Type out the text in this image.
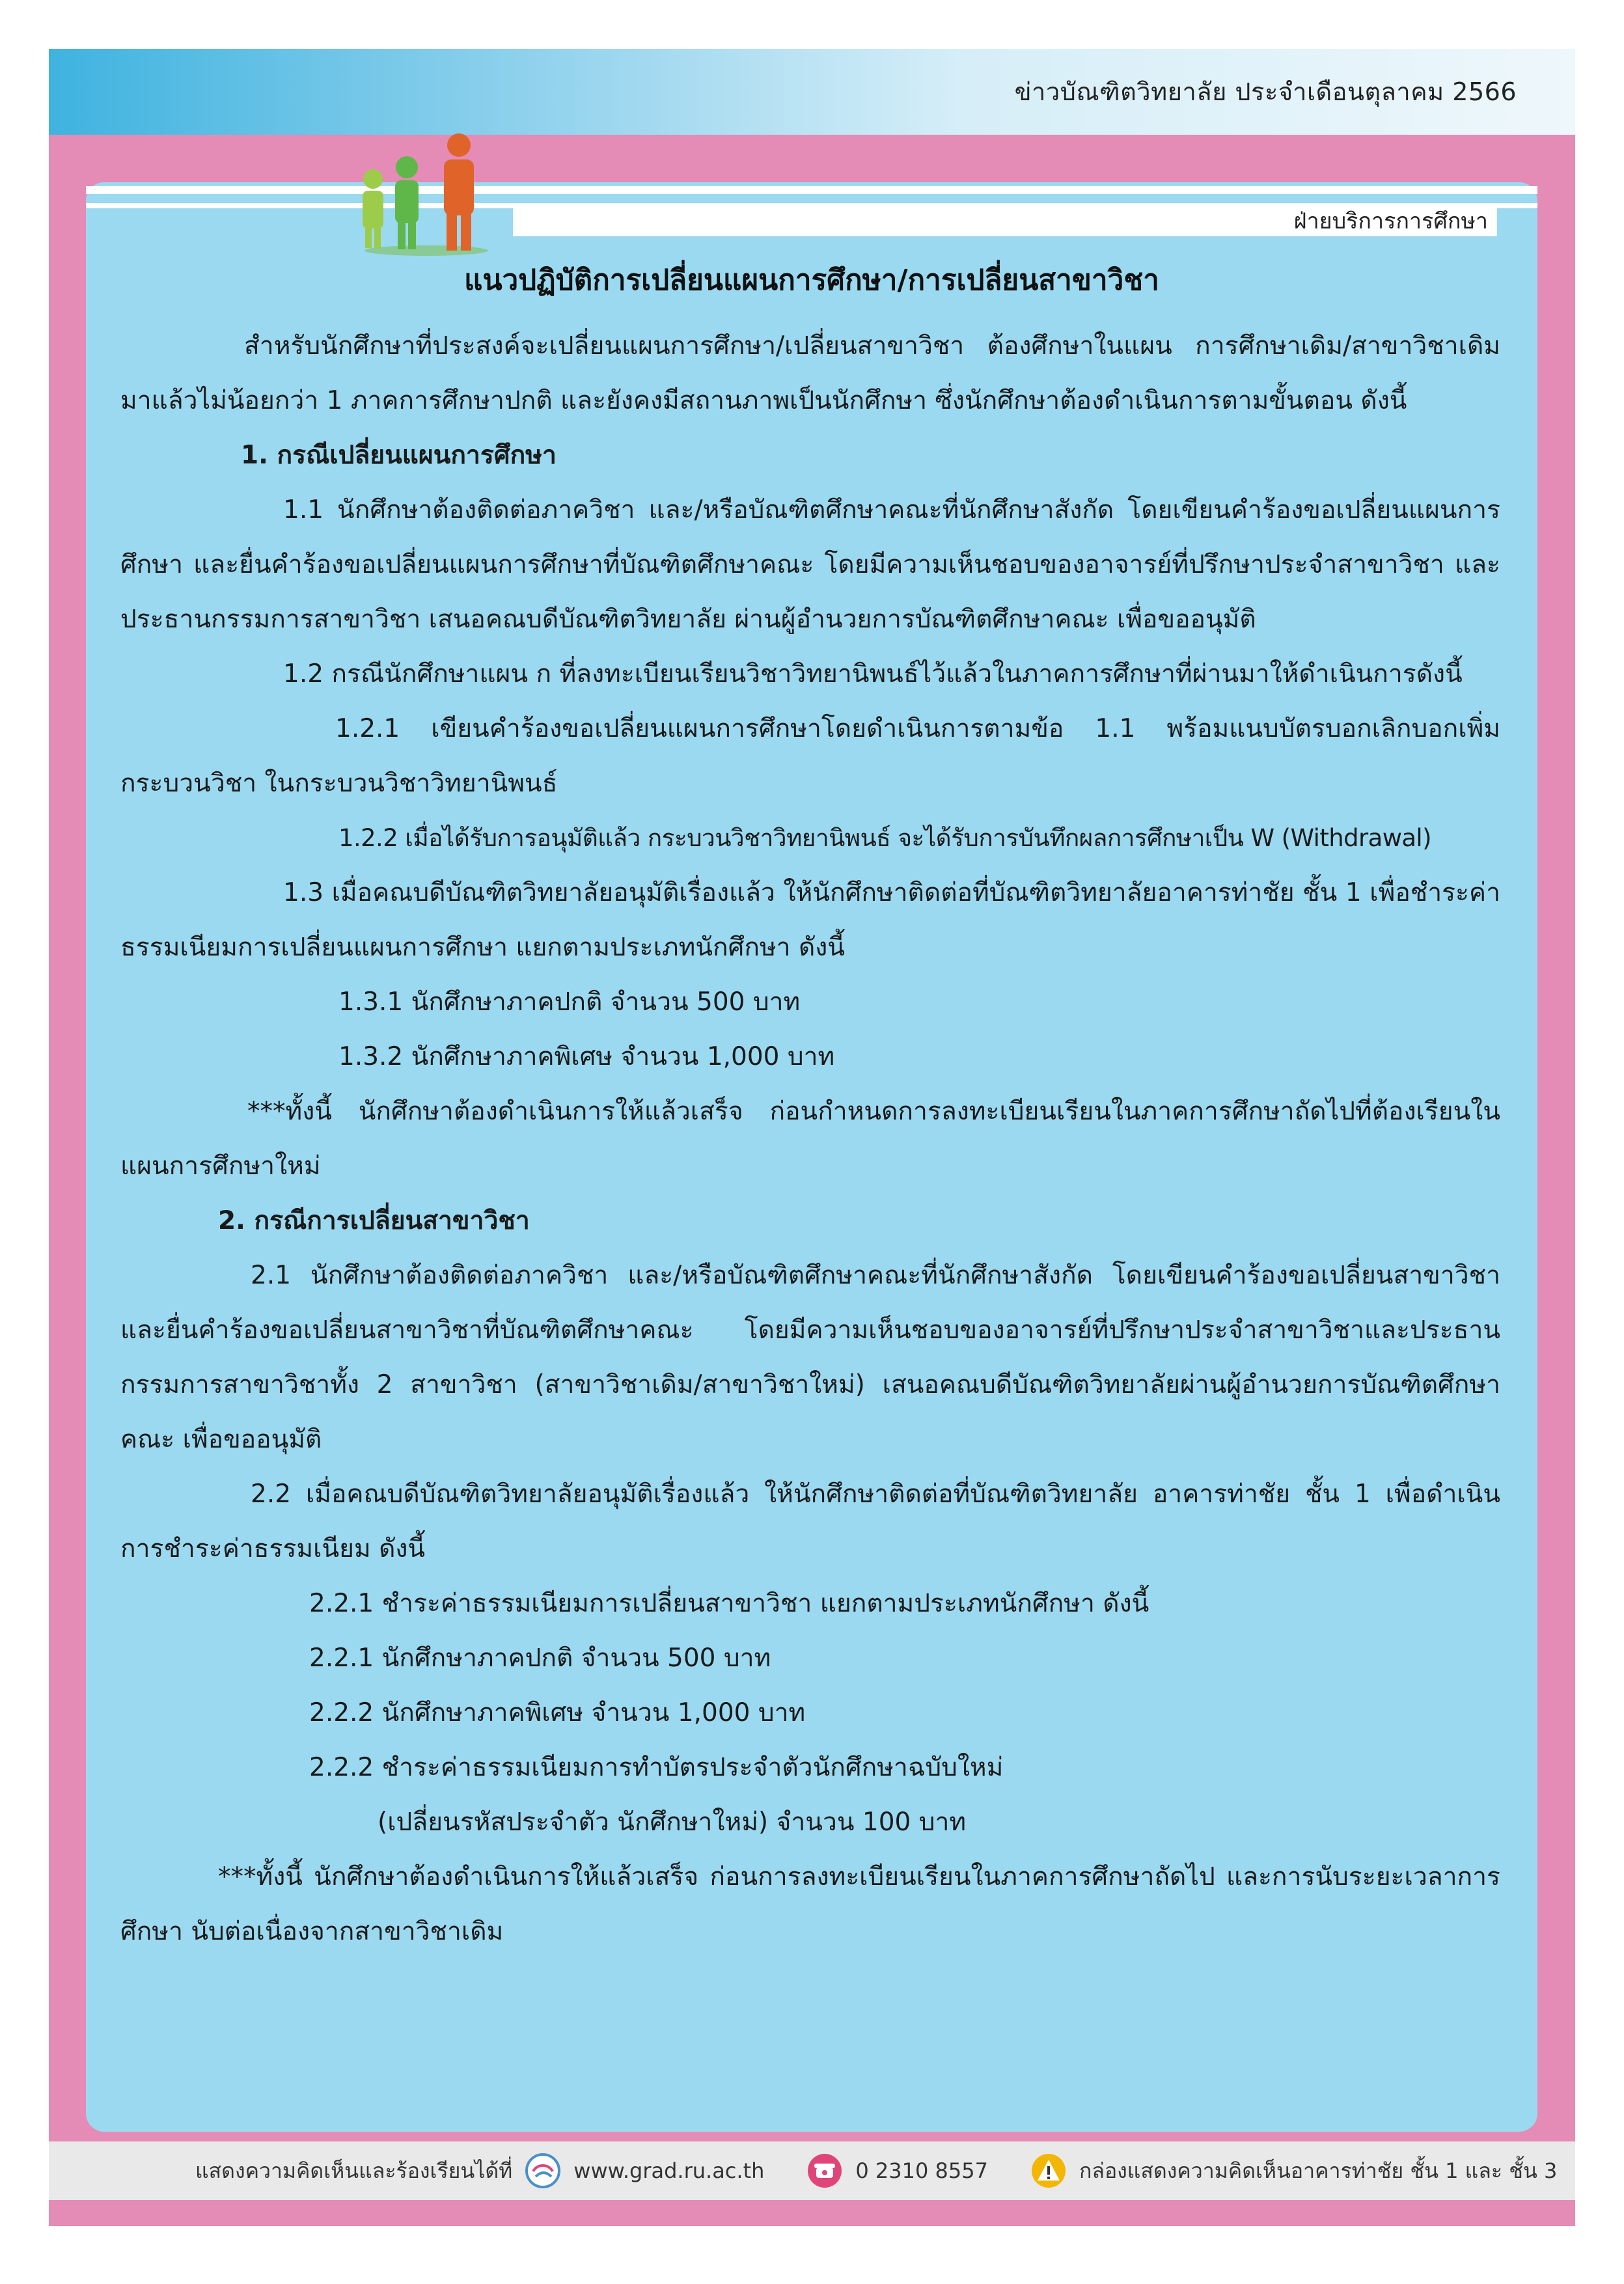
ข่าวบัณฑิตวิทยาลัย ประจำเดือนตุลาคม 2566
ฝ่ายบริการการศึกษา
แนวปฏิบัติการเปลี่ยนแผนการศึกษา/การเปลี่ยนสาขาวิชา

สำหรับนักศึกษาที่ประสงค์จะเปลี่ยนแผนการศึกษา/เปลี่ยนสาขาวิชา ต้องศึกษาในแผน การศึกษาเดิม/สาขาวิชาเดิมมาแล้วไม่น้อยกว่า 1 ภาคการศึกษาปกติ และยังคงมีสถานภาพเป็นนักศึกษา ซึ่งนักศึกษาต้องดำเนินการตามขั้นตอน ดังนี้

1. กรณีเปลี่ยนแผนการศึกษา

1.1 นักศึกษาต้องติดต่อภาควิชา และ/หรือบัณฑิตศึกษาคณะที่นักศึกษาสังกัด โดยเขียนคำร้องขอเปลี่ยนแผนการศึกษา และยื่นคำร้องขอเปลี่ยนแผนการศึกษาที่บัณฑิตศึกษาคณะ โดยมีความเห็นชอบของอาจารย์ที่ปรึกษาประจำสาขาวิชา และประธานกรรมการสาขาวิชา เสนอคณบดีบัณฑิตวิทยาลัย ผ่านผู้อำนวยการบัณฑิตศึกษาคณะ เพื่อขออนุมัติ

1.2 กรณีนักศึกษาแผน ก ที่ลงทะเบียนเรียนวิชาวิทยานิพนธ์ไว้แล้วในภาคการศึกษาที่ผ่านมาให้ดำเนินการดังนี้

1.2.1 เขียนคำร้องขอเปลี่ยนแผนการศึกษาโดยดำเนินการตามข้อ 1.1 พร้อมแนบบัตรบอกเลิกบอกเพิ่มกระบวนวิชา ในกระบวนวิชาวิทยานิพนธ์

1.2.2 เมื่อได้รับการอนุมัติแล้ว กระบวนวิชาวิทยานิพนธ์ จะได้รับการบันทึกผลการศึกษาเป็น W (Withdrawal)

1.3 เมื่อคณบดีบัณฑิตวิทยาลัยอนุมัติเรื่องแล้ว ให้นักศึกษาติดต่อที่บัณฑิตวิทยาลัยอาคารท่าชัย ชั้น 1 เพื่อชำระค่าธรรมเนียมการเปลี่ยนแผนการศึกษา แยกตามประเภทนักศึกษา ดังนี้

1.3.1 นักศึกษาภาคปกติ จำนวน 500 บาท

1.3.2 นักศึกษาภาคพิเศษ จำนวน 1,000 บาท

***ทั้งนี้ นักศึกษาต้องดำเนินการให้แล้วเสร็จ ก่อนกำหนดการลงทะเบียนเรียนในภาคการศึกษาถัดไปที่ต้องเรียนในแผนการศึกษาใหม่

2. กรณีการเปลี่ยนสาขาวิชา

2.1 นักศึกษาต้องติดต่อภาควิชา และ/หรือบัณฑิตศึกษาคณะที่นักศึกษาสังกัด โดยเขียนคำร้องขอเปลี่ยนสาขาวิชา และยื่นคำร้องขอเปลี่ยนสาขาวิชาที่บัณฑิตศึกษาคณะ โดยมีความเห็นชอบของอาจารย์ที่ปรึกษาประจำสาขาวิชาและประธานกรรมการสาขาวิชาทั้ง 2 สาขาวิชา (สาขาวิชาเดิม/สาขาวิชาใหม่) เสนอคณบดีบัณฑิตวิทยาลัยผ่านผู้อำนวยการบัณฑิตศึกษาคณะ เพื่อขออนุมัติ

2.2 เมื่อคณบดีบัณฑิตวิทยาลัยอนุมัติเรื่องแล้ว ให้นักศึกษาติดต่อที่บัณฑิตวิทยาลัย อาคารท่าชัย ชั้น 1 เพื่อดำเนินการชำระค่าธรรมเนียม ดังนี้

2.2.1 ชำระค่าธรรมเนียมการเปลี่ยนสาขาวิชา แยกตามประเภทนักศึกษา ดังนี้

2.2.1 นักศึกษาภาคปกติ จำนวน 500 บาท

2.2.2 นักศึกษาภาคพิเศษ จำนวน 1,000 บาท

2.2.2 ชำระค่าธรรมเนียมการทำบัตรประจำตัวนักศึกษาฉบับใหม่

(เปลี่ยนรหัสประจำตัว นักศึกษาใหม่) จำนวน 100 บาท

***ทั้งนี้ นักศึกษาต้องดำเนินการให้แล้วเสร็จ ก่อนการลงทะเบียนเรียนในภาคการศึกษาถัดไป และการนับระยะเวลาการศึกษา นับต่อเนื่องจากสาขาวิชาเดิม

แสดงความคิดเห็นและร้องเรียนได้ที่	www.grad.ru.ac.th	0 2310 8557	กล่องแสดงความคิดเห็นอาคารท่าชัย ชั้น 1 และ ชั้น 3
